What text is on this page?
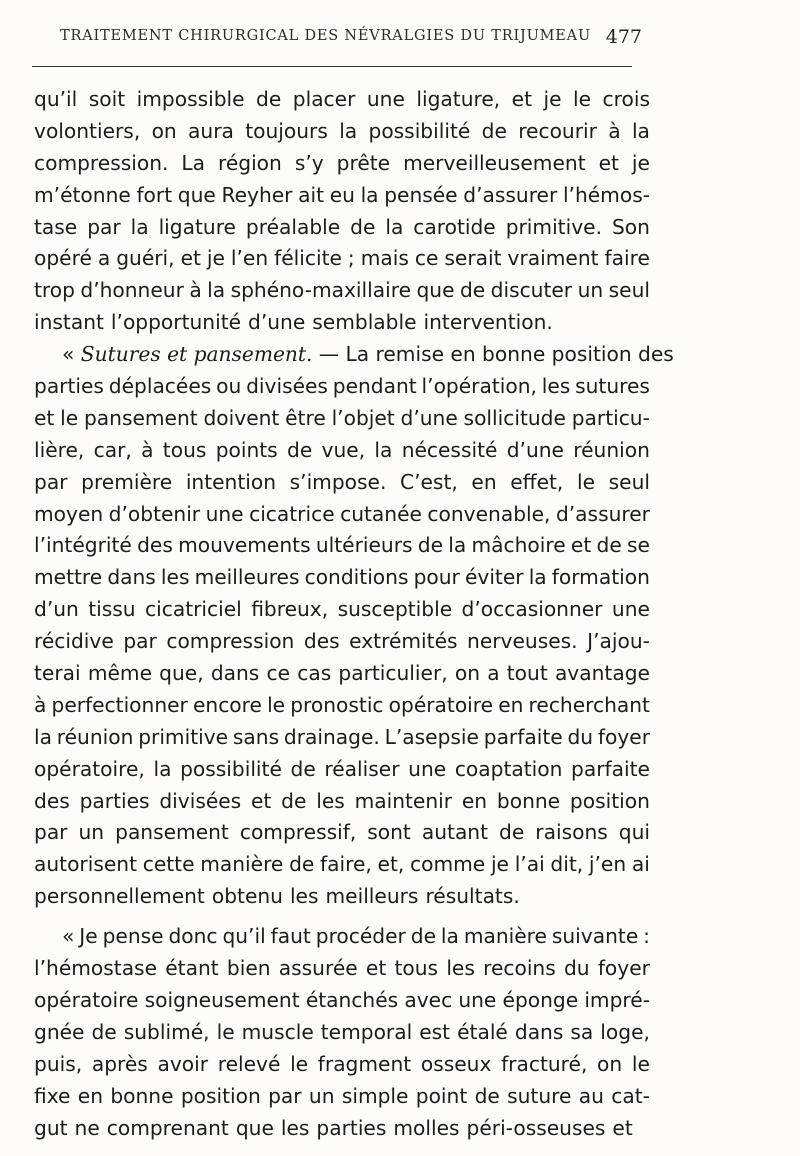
TRAITEMENT CHIRURGICAL DES NÉVRALGIES DU TRIJUMEAU 477
qu’il soit impossible de placer une ligature, et je le crois
volontiers, on aura toujours la possibilité de recourir à la
compression. La région s’y prête merveilleusement et je
m’étonne fort que Reyher ait eu la pensée d’assurer l’hémos-
tase par la ligature préalable de la carotide primitive. Son
opéré a guéri, et je l’en félicite ; mais ce serait vraiment faire
trop d’honneur à la sphéno-maxillaire que de discuter un seul
instant l’opportunité d’une semblable intervention.
« Sutures et pansement. — La remise en bonne position des
parties déplacées ou divisées pendant l’opération, les sutures
et le pansement doivent être l’objet d’une sollicitude particu-
lière, car, à tous points de vue, la nécessité d’une réunion
par première intention s’impose. C’est, en effet, le seul
moyen d’obtenir une cicatrice cutanée convenable, d’assurer
l’intégrité des mouvements ultérieurs de la mâchoire et de se
mettre dans les meilleures conditions pour éviter la formation
d’un tissu cicatriciel fibreux, susceptible d’occasionner une
récidive par compression des extrémités nerveuses. J’ajou-
terai même que, dans ce cas particulier, on a tout avantage
à perfectionner encore le pronostic opératoire en recherchant
la réunion primitive sans drainage. L’asepsie parfaite du foyer
opératoire, la possibilité de réaliser une coaptation parfaite
des parties divisées et de les maintenir en bonne position
par un pansement compressif, sont autant de raisons qui
autorisent cette manière de faire, et, comme je l’ai dit, j’en ai
personnellement obtenu les meilleurs résultats.
« Je pense donc qu’il faut procéder de la manière suivante :
l’hémostase étant bien assurée et tous les recoins du foyer
opératoire soigneusement étanchés avec une éponge impré-
gnée de sublimé, le muscle temporal est étalé dans sa loge,
puis, après avoir relevé le fragment osseux fracturé, on le
fixe en bonne position par un simple point de suture au cat-
gut ne comprenant que les parties molles péri-osseuses et
